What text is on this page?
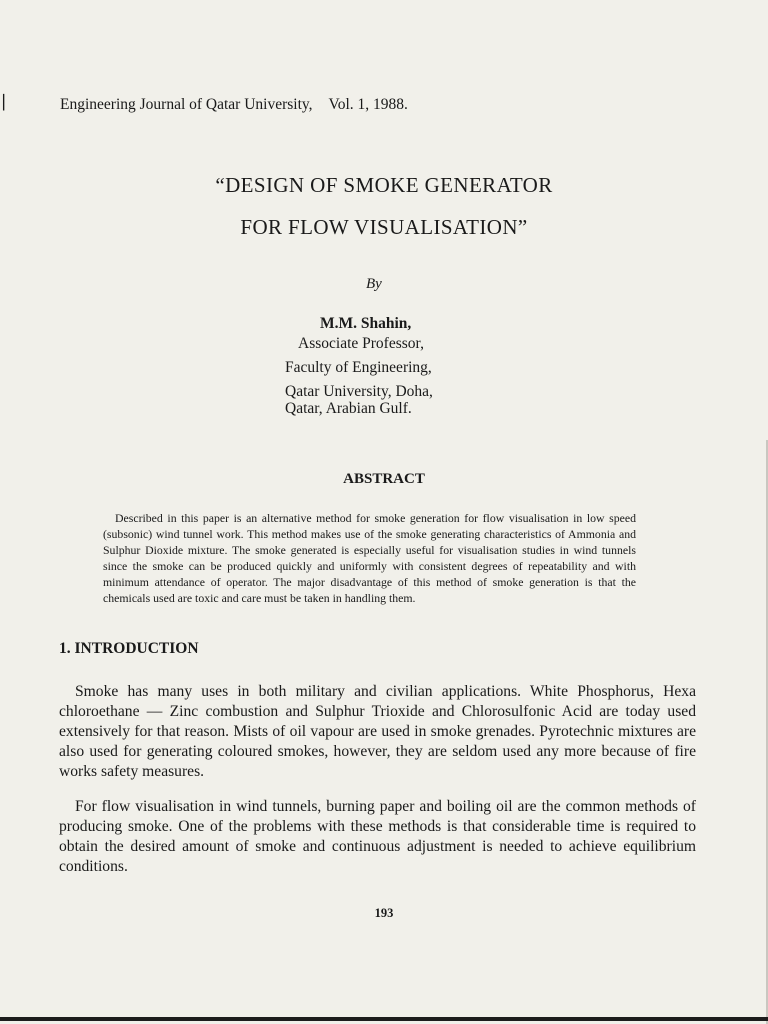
▏	Engineering Journal of Qatar University, Vol. 1, 1988.
“DESIGN OF SMOKE GENERATOR
FOR FLOW VISUALISATION”
By
M.M. Shahin,
Associate Professor,
Faculty of Engineering,
Qatar University, Doha,
Qatar, Arabian Gulf.
ABSTRACT

Described in this paper is an alternative method for smoke generation for flow visualisation in low speed (subsonic) wind tunnel work. This method makes use of the smoke generating characteristics of Ammonia and Sulphur Dioxide mixture. The smoke generated is especially useful for visualisation studies in wind tunnels since the smoke can be produced quickly and uniformly with consistent degrees of repeatability and with minimum attendance of operator. The major disadvantage of this method of smoke generation is that the chemicals used are toxic and care must be taken in handling them.

1. INTRODUCTION

Smoke has many uses in both military and civilian applications. White Phosphorus, Hexa chloroethane — Zinc combustion and Sulphur Trioxide and Chlorosulfonic Acid are today used extensively for that reason. Mists of oil vapour are used in smoke grenades. Pyrotechnic mixtures are also used for generating coloured smokes, however, they are seldom used any more because of fire works safety measures.

For flow visualisation in wind tunnels, burning paper and boiling oil are the common methods of producing smoke. One of the problems with these methods is that considerable time is required to obtain the desired amount of smoke and continuous adjustment is needed to achieve equilibrium conditions.

193
